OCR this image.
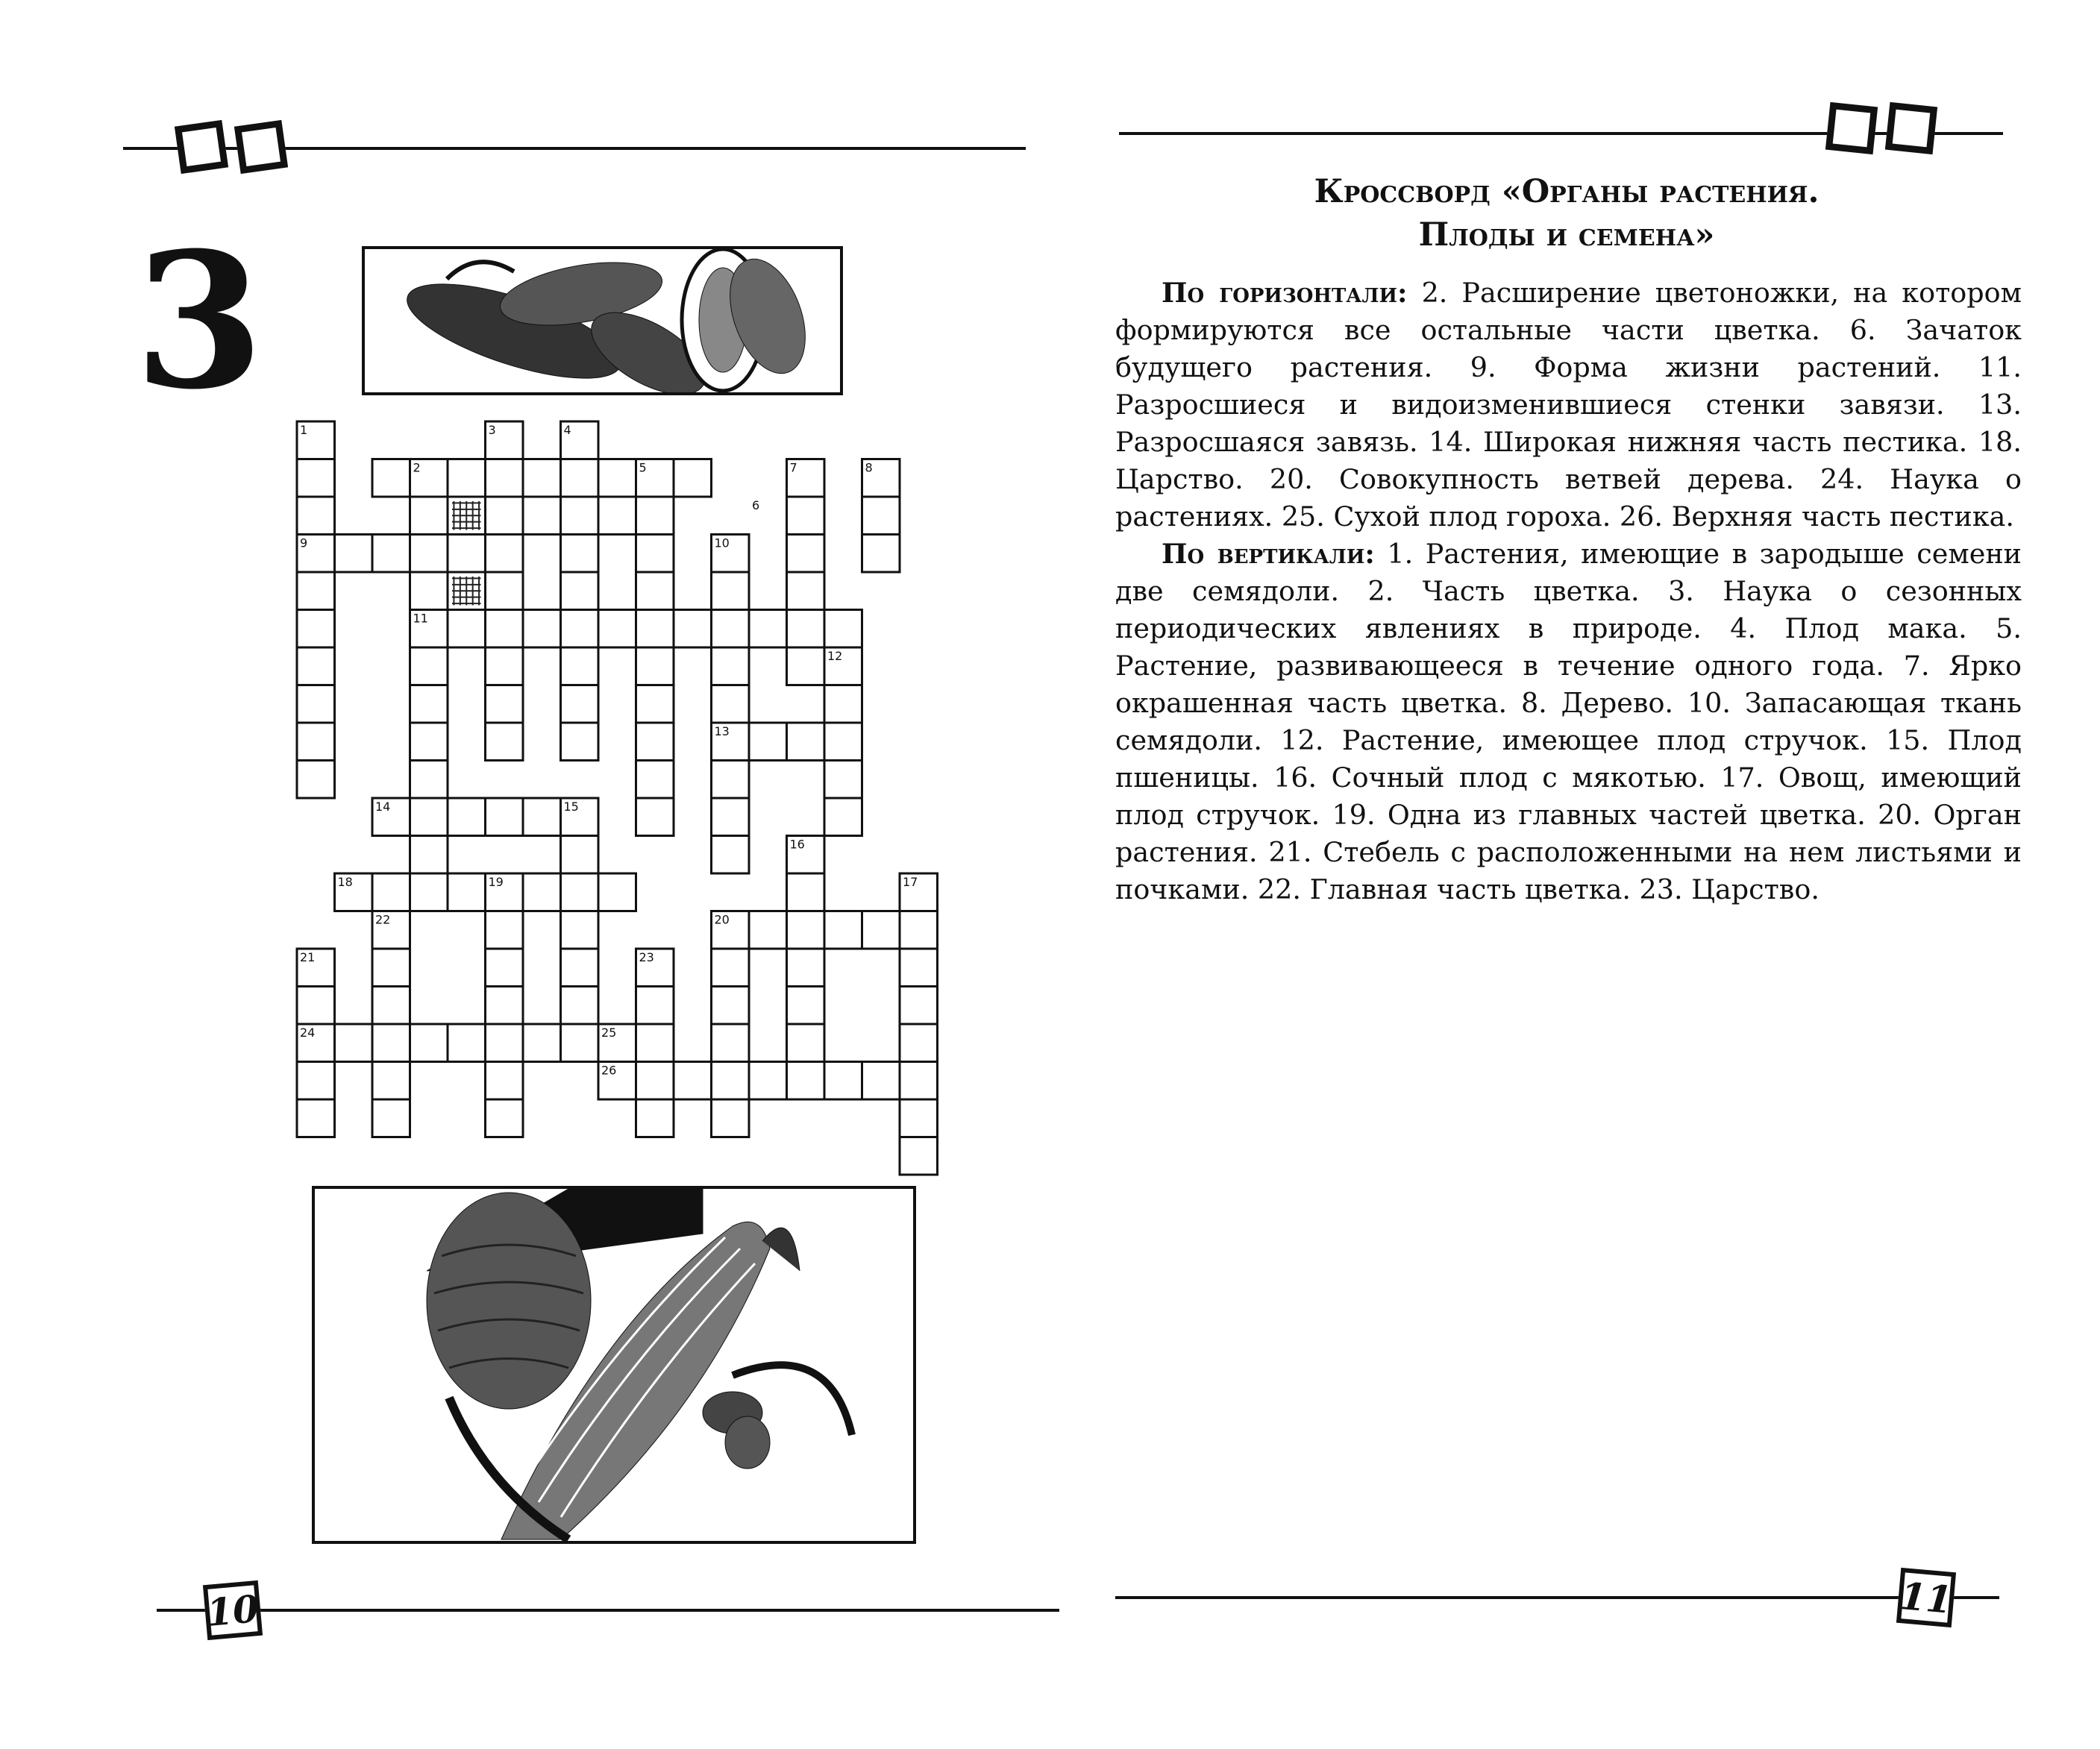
10	11
3	1
2
3	4
5
6
7	8
9	10
11
12
13
14	15
16
17
18	19
20
21
22
23
24	25
26
Кроссворд «Органы растения.
Плоды и семена»

По горизонтали: 2. Расширение цветоножки, на котором формируются все остальные части цветка. 6. Зачаток будущего растения. 9. Форма жизни растений. 11. Разросшиеся и видоизменившиеся стенки завязи. 13. Разросшаяся завязь. 14. Широкая нижняя часть пестика. 18. Царство. 20. Совокупность ветвей дерева. 24. Наука о растениях. 25. Сухой плод гороха. 26. Верхняя часть пестика.

По вертикали: 1. Растения, имеющие в зародыше семени две семядоли. 2. Часть цветка. 3. Наука о сезонных периодических явлениях в природе. 4. Плод мака. 5. Растение, развивающееся в течение одного года. 7. Ярко окрашенная часть цветка. 8. Дерево. 10. Запасающая ткань семядоли. 12. Растение, имеющее плод стручок. 15. Плод пшеницы. 16. Сочный плод с мякотью. 17. Овощ, имеющий плод стручок. 19. Одна из главных частей цветка. 20. Орган растения. 21. Стебель с расположенными на нем листьями и почками. 22. Главная часть цветка. 23. Царство.
